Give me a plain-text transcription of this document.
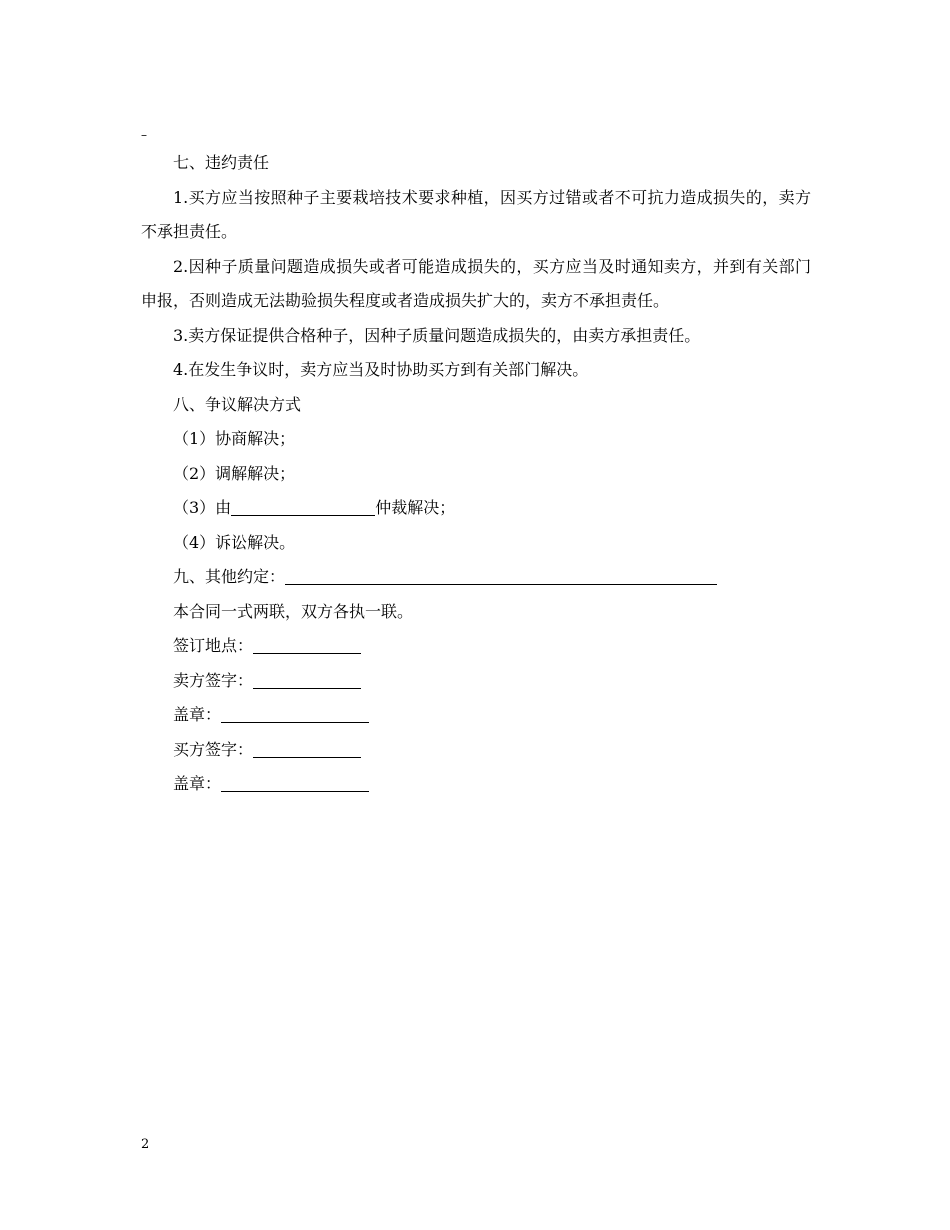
–

七、违约责任

1.买方应当按照种子主要栽培技术要求种植，因买方过错或者不可抗力造成损失的，卖方不承担责任。

2.因种子质量问题造成损失或者可能造成损失的，买方应当及时通知卖方，并到有关部门申报，否则造成无法勘验损失程度或者造成损失扩大的，卖方不承担责任。

3.卖方保证提供合格种子，因种子质量问题造成损失的，由卖方承担责任。

4.在发生争议时，卖方应当及时协助买方到有关部门解决。

八、争议解决方式

（1）协商解决；

（2）调解解决；

（3）由	仲裁解决；

（4）诉讼解决。

九、其他约定：

本合同一式两联，双方各执一联。

签订地点：

卖方签字：

盖章：

买方签字：

盖章：

2
